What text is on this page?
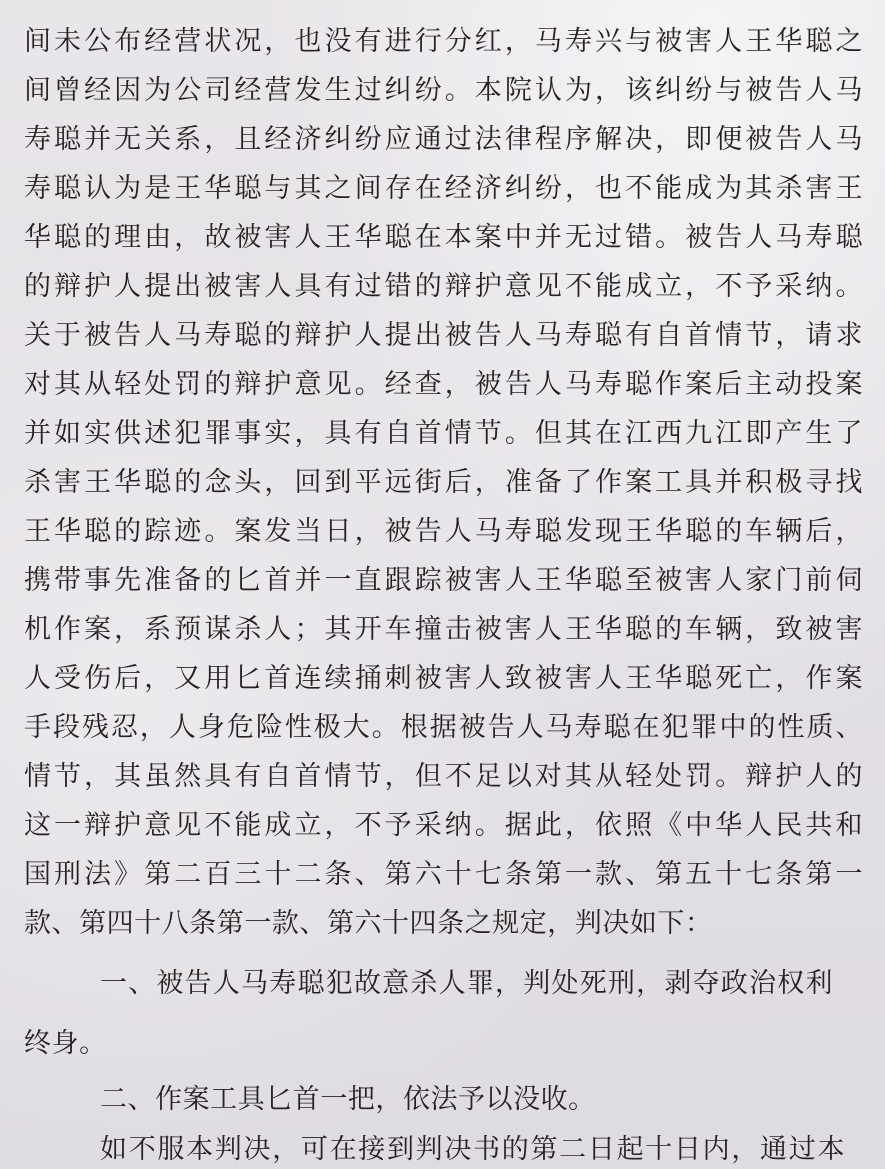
间未公布经营状况，也没有进行分红，马寿兴与被害人王华聪之
间曾经因为公司经营发生过纠纷。本院认为，该纠纷与被告人马
寿聪并无关系，且经济纠纷应通过法律程序解决，即便被告人马
寿聪认为是王华聪与其之间存在经济纠纷，也不能成为其杀害王
华聪的理由，故被害人王华聪在本案中并无过错。被告人马寿聪
的辩护人提出被害人具有过错的辩护意见不能成立，不予采纳。
关于被告人马寿聪的辩护人提出被告人马寿聪有自首情节，请求
对其从轻处罚的辩护意见。经查，被告人马寿聪作案后主动投案
并如实供述犯罪事实，具有自首情节。但其在江西九江即产生了
杀害王华聪的念头，回到平远街后，准备了作案工具并积极寻找
王华聪的踪迹。案发当日，被告人马寿聪发现王华聪的车辆后，
携带事先准备的匕首并一直跟踪被害人王华聪至被害人家门前伺
机作案，系预谋杀人；其开车撞击被害人王华聪的车辆，致被害
人受伤后，又用匕首连续捅刺被害人致被害人王华聪死亡，作案
手段残忍，人身危险性极大。根据被告人马寿聪在犯罪中的性质、
情节，其虽然具有自首情节，但不足以对其从轻处罚。辩护人的
这一辩护意见不能成立，不予采纳。据此，依照《中华人民共和
国刑法》第二百三十二条、第六十七条第一款、第五十七条第一
款、第四十八条第一款、第六十四条之规定，判决如下：
一、被告人马寿聪犯故意杀人罪，判处死刑，剥夺政治权利
终身。
二、作案工具匕首一把，依法予以没收。
如不服本判决，可在接到判决书的第二日起十日内，通过本
